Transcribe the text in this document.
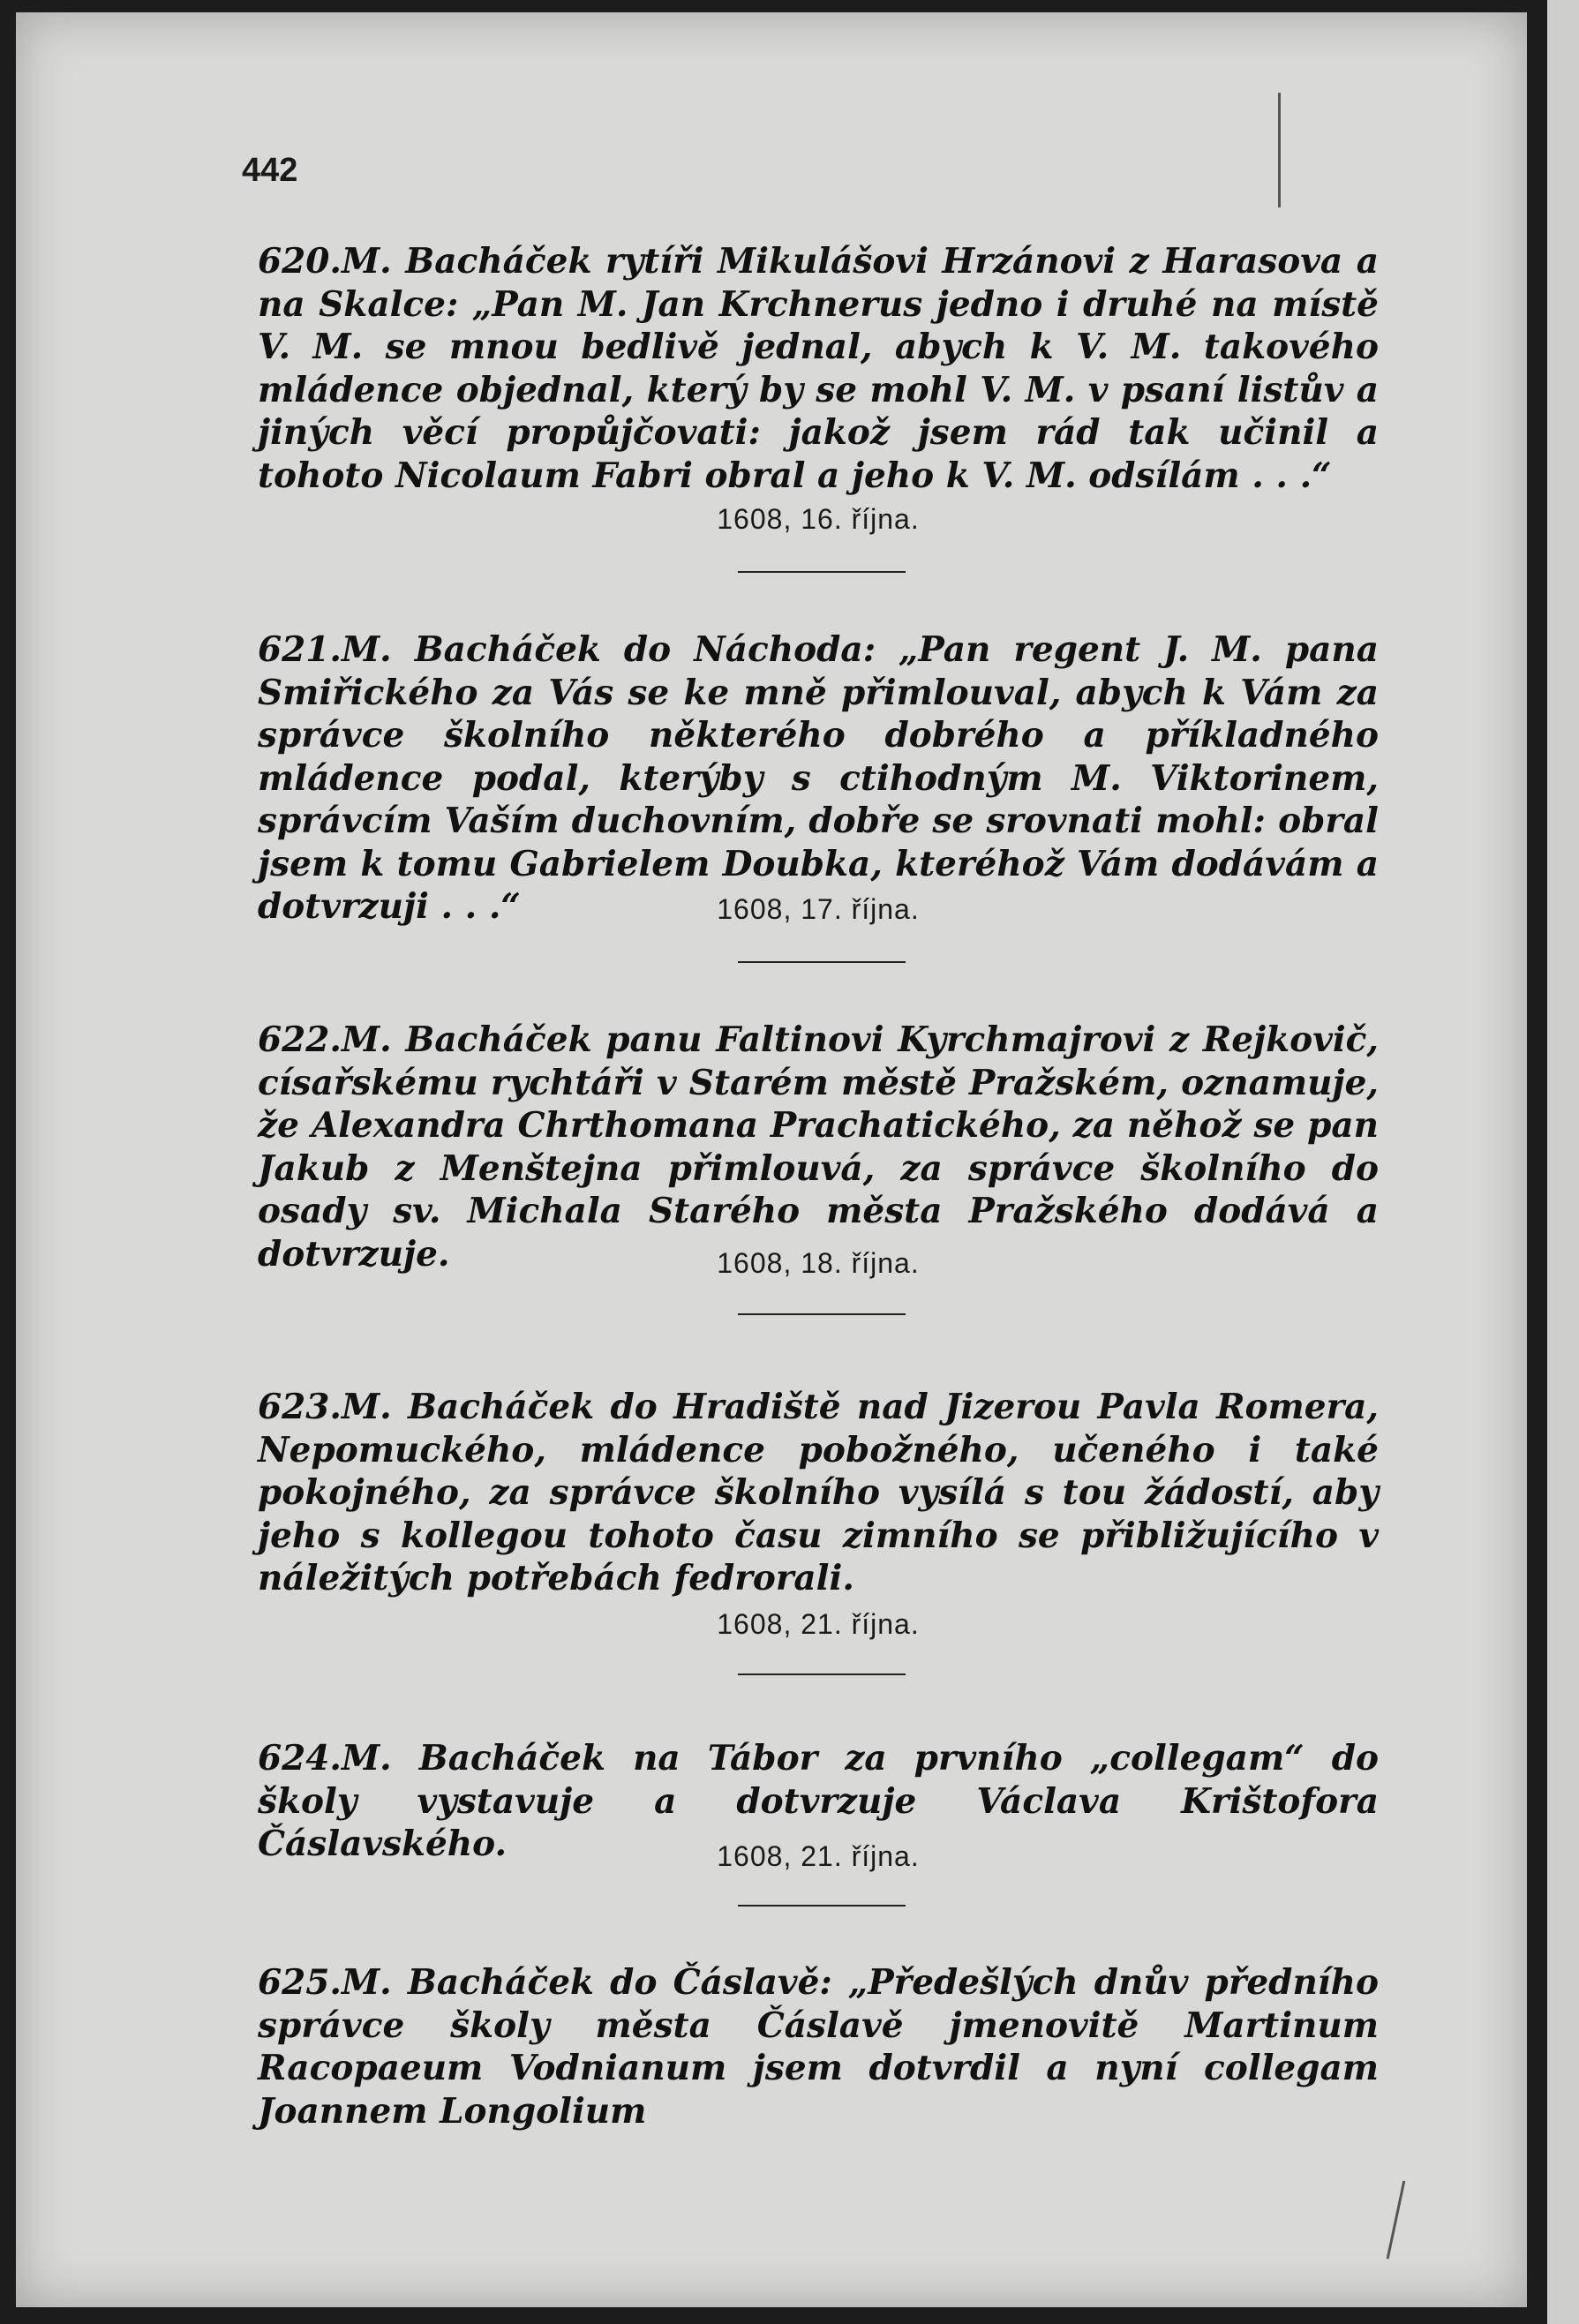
442
620.M. Bacháček rytíři Mikulášovi Hrzánovi z Harasova a na Skalce: „Pan M. Jan Krchnerus jedno i druhé na místě V. M. se mnou bedlivě jednal, abych k V. M. takového mládence objednal, který by se mohl V. M. v psaní listův a jiných věcí propůjčovati: jakož jsem rád tak učinil a tohoto Nicolaum Fabri obral a jeho k V. M. odsílám . . .“
1608, 16. října.
621.M. Bacháček do Náchoda: „Pan regent J. M. pana Smiřického za Vás se ke mně přimlouval, abych k Vám za správce školního některého dobrého a příkladného mládence podal, kterýby s ctihodným M. Viktorinem, správcím Vaším duchovním, dobře se srovnati mohl: obral jsem k tomu Gabrielem Doubka, kteréhož Vám dodávám a dotvrzuji . . .“	1608, 17. října.
622.M. Bacháček panu Faltinovi Kyrchmajrovi z Rejkovič, císařskému rychtáři v Starém městě Pražském, oznamuje, že Alexandra Chrthomana Prachatického, za něhož se pan Jakub z Menštejna přimlouvá, za správce školního do osady sv. Michala Starého města Pražského dodává a dotvrzuje.	1608, 18. října.
623.M. Bacháček do Hradiště nad Jizerou Pavla Romera, Nepomuckého, mládence pobožného, učeného i také pokojného, za správce školního vysílá s tou žádostí, aby jeho s kollegou tohoto času zimního se přibližujícího v náležitých potřebách fedrorali.
1608, 21. října.
624.M. Bacháček na Tábor za prvního „collegam“ do školy vystavuje a dotvrzuje Václava Krištofora Čáslavského.	1608, 21. října.
625.M. Bacháček do Čáslavě: „Předešlých dnův předního správce školy města Čáslavě jmenovitě Martinum Racopaeum Vodnianum jsem dotvrdil a nyní collegam Joannem Longolium
